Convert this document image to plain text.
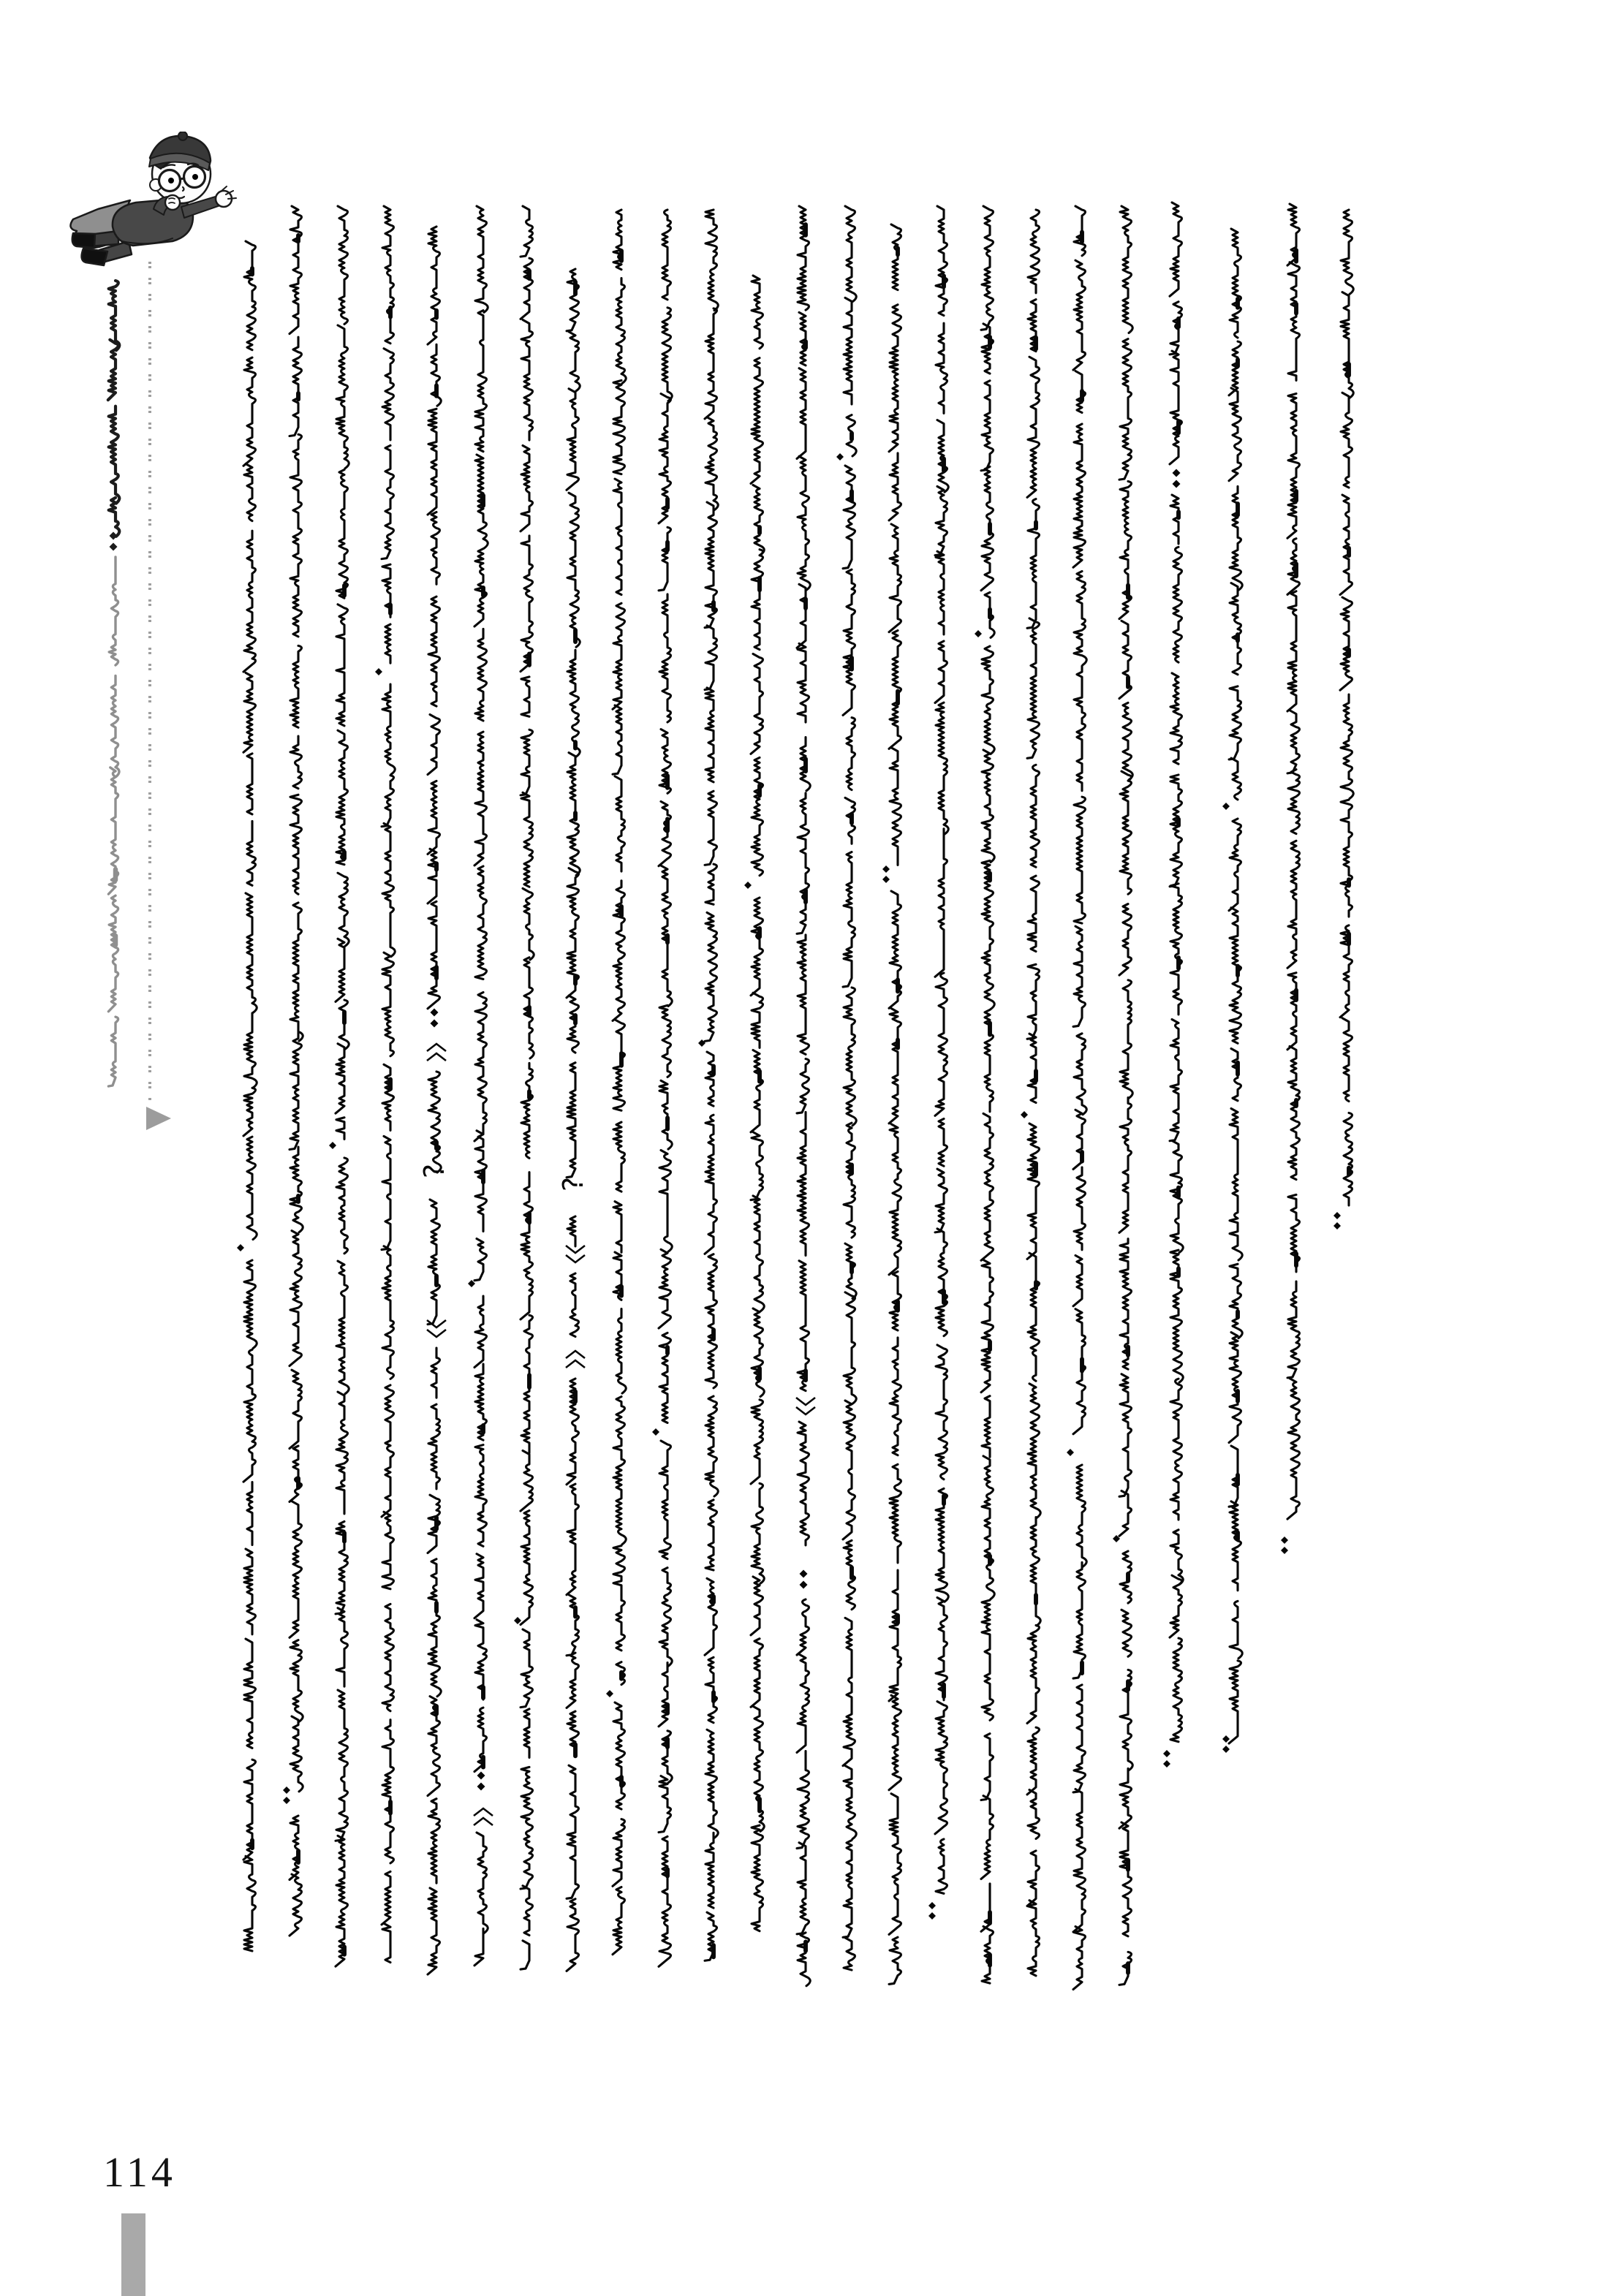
?
?
114
